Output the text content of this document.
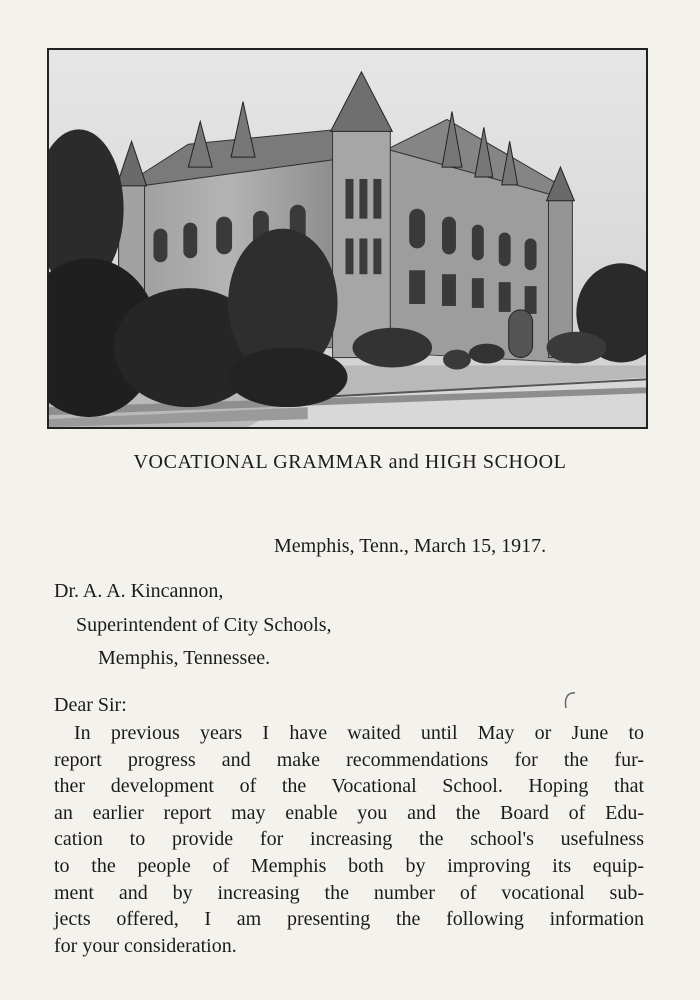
VOCATIONAL GRAMMAR and HIGH SCHOOL
Memphis, Tenn., March 15, 1917.
Dr. A. A. Kincannon,
Superintendent of City Schools,
Memphis, Tennessee.
Dear Sir:
In previous years I have waited until May or June to
report progress and make recommendations for the fur-
ther development of the Vocational School. Hoping that
an earlier report may enable you and the Board of Edu-
cation to provide for increasing the school's usefulness
to the people of Memphis both by improving its equip-
ment and by increasing the number of vocational sub-
jects offered, I am presenting the following information
for your consideration.
